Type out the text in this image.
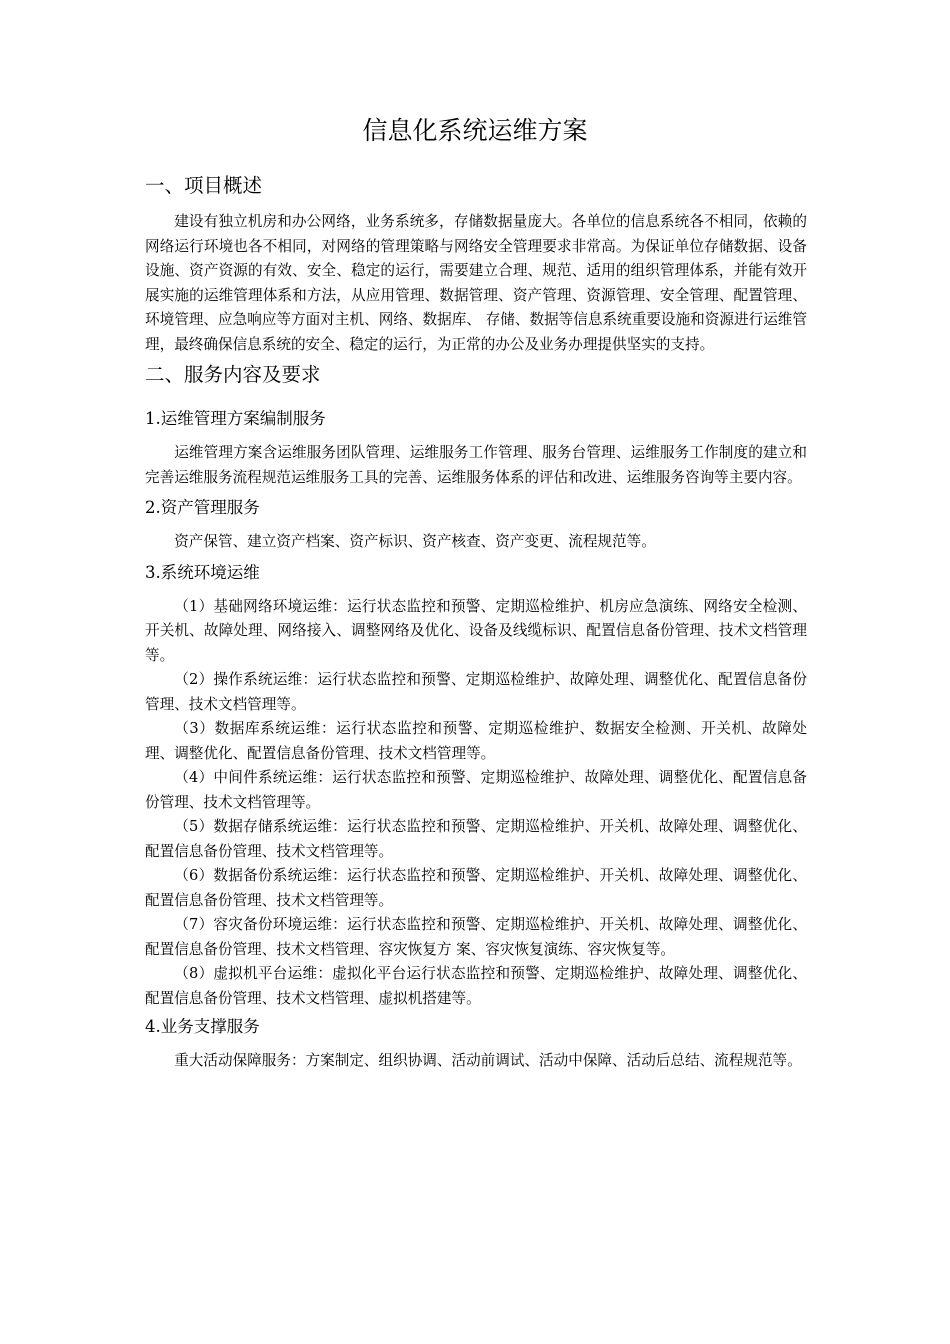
信息化系统运维方案
一、项目概述

建设有独立机房和办公网络，业务系统多，存储数据量庞大。各单位的信息系统各不相同，依赖的网络运行环境也各不相同，对网络的管理策略与网络安全管理要求非常高。为保证单位存储数据、设备设施、资产资源的有效、安全、稳定的运行，需要建立合理、规范、适用的组织管理体系，并能有效开展实施的运维管理体系和方法，从应用管理、数据管理、资产管理、资源管理、安全管理、配置管理、环境管理、应急响应等方面对主机、网络、数据库、 存储、数据等信息系统重要设施和资源进行运维管理，最终确保信息系统的安全、稳定的运行，为正常的办公及业务办理提供坚实的支持。

二、服务内容及要求
1.运维管理方案编制服务

运维管理方案含运维服务团队管理、运维服务工作管理、服务台管理、运维服务工作制度的建立和完善运维服务流程规范运维服务工具的完善、运维服务体系的评估和改进、运维服务咨询等主要内容。

2.资产管理服务

资产保管、建立资产档案、资产标识、资产核查、资产变更、流程规范等。

3.系统环境运维

（1）基础网络环境运维：运行状态监控和预警、定期巡检维护、机房应急演练、网络安全检测、开关机、故障处理、网络接入、调整网络及优化、设备及线缆标识、配置信息备份管理、技术文档管理等。

（2）操作系统运维：运行状态监控和预警、定期巡检维护、故障处理、调整优化、配置信息备份管理、技术文档管理等。

（3）数据库系统运维：运行状态监控和预警、定期巡检维护、数据安全检测、开关机、故障处理、调整优化、配置信息备份管理、技术文档管理等。

（4）中间件系统运维：运行状态监控和预警、定期巡检维护、故障处理、调整优化、配置信息备份管理、技术文档管理等。

（5）数据存储系统运维：运行状态监控和预警、定期巡检维护、开关机、故障处理、调整优化、配置信息备份管理、技术文档管理等。

（6）数据备份系统运维：运行状态监控和预警、定期巡检维护、开关机、故障处理、调整优化、配置信息备份管理、技术文档管理等。

（7）容灾备份环境运维：运行状态监控和预警、定期巡检维护、开关机、故障处理、调整优化、配置信息备份管理、技术文档管理、容灾恢复方 案、容灾恢复演练、容灾恢复等。

（8）虚拟机平台运维：虚拟化平台运行状态监控和预警、定期巡检维护、故障处理、调整优化、配置信息备份管理、技术文档管理、虚拟机搭建等。

4.业务支撑服务

重大活动保障服务：方案制定、组织协调、活动前调试、活动中保障、活动后总结、流程规范等。
